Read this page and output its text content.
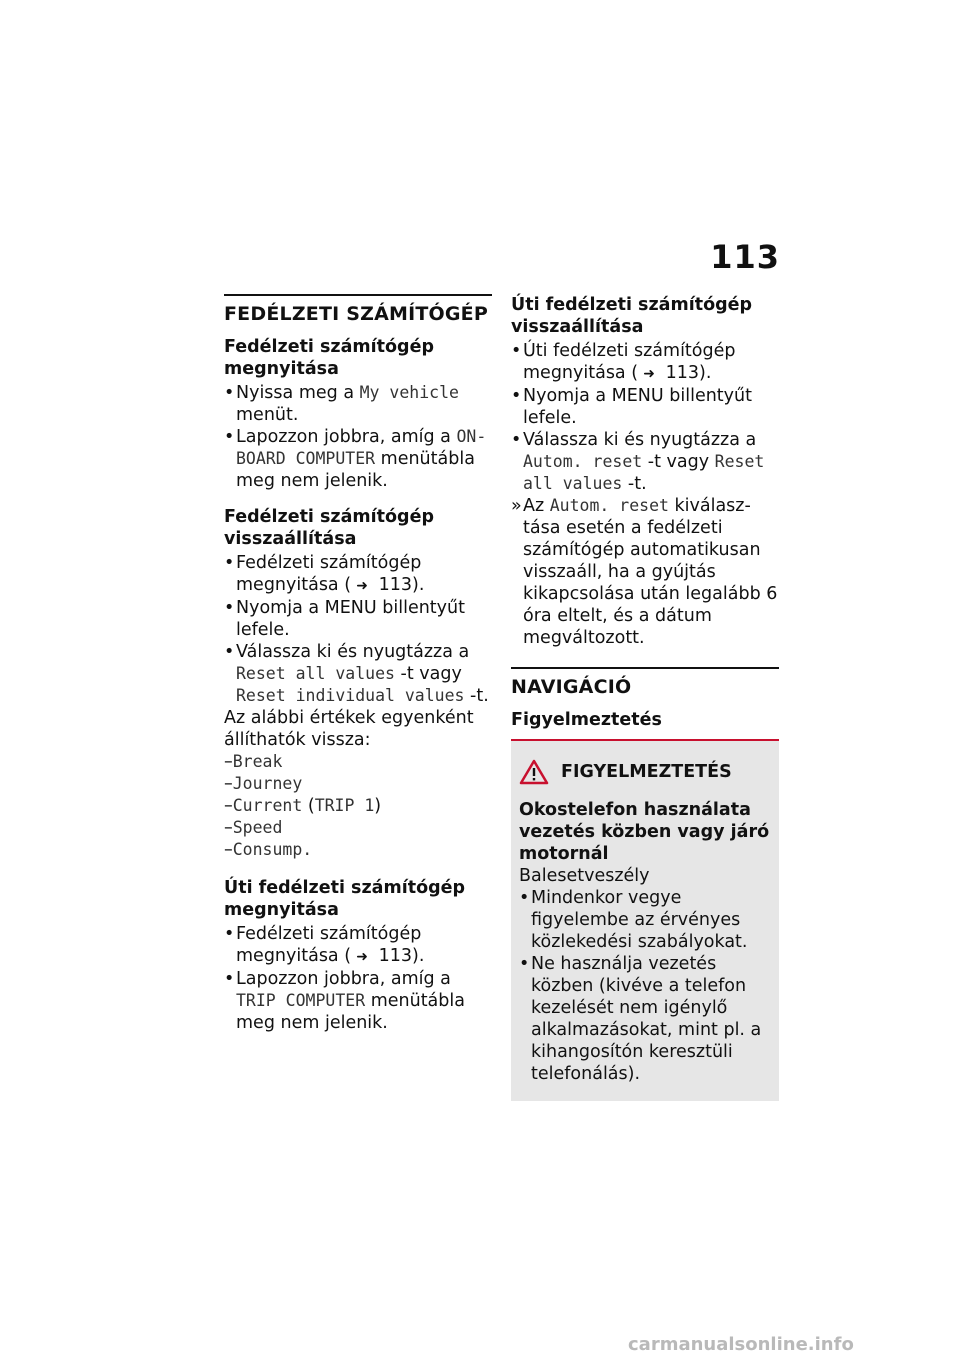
113
FEDÉLZETI SZÁMÍTÓGÉP
Fedélzeti számítógép megnyitása
• Nyissa meg a My vehicle menüt.
• Lapozzon jobbra, amíg a ON-BOARD COMPUTER menütábla meg nem jelenik.
Fedélzeti számítógép visszaállítása
• Fedélzeti számítógép megnyitása ( ➜ 113).
• Nyomja a MENU billentyűt lefele.
• Válassza ki és nyugtázza a Reset all values -t vagy Reset individual values -t.
Az alábbi értékek egyenként állíthatók vissza:
–Break
–Journey
–Current (TRIP 1)
–Speed
–Consump.
Úti fedélzeti számítógép megnyitása
• Fedélzeti számítógép megnyitása ( ➜ 113).
• Lapozzon jobbra, amíg a TRIP COMPUTER menütábla meg nem jelenik.
Úti fedélzeti számítógép visszaállítása
• Úti fedélzeti számítógép megnyitása ( ➜ 113).
• Nyomja a MENU billentyűt lefele.
• Válassza ki és nyugtázza a Autom. reset -t vagy Reset all values -t.
» Az Autom. reset kiválasztása esetén a fedélzeti számítógép automatikusan visszaáll, ha a gyújtás kikapcsolása után legalább 6 óra eltelt, és a dátum megváltozott.
NAVIGÁCIÓ
Figyelmeztetés
FIGYELMEZTETÉS
Okostelefon használata vezetés közben vagy járó motornál
Balesetveszély
• Mindenkor vegye figyelembe az érvényes közlekedési szabályokat.
• Ne használja vezetés közben (kivéve a telefon kezelését nem igénylő alkalmazásokat, mint pl. a kihangosítón keresztüli telefonálás).
carmanualsonline.info
